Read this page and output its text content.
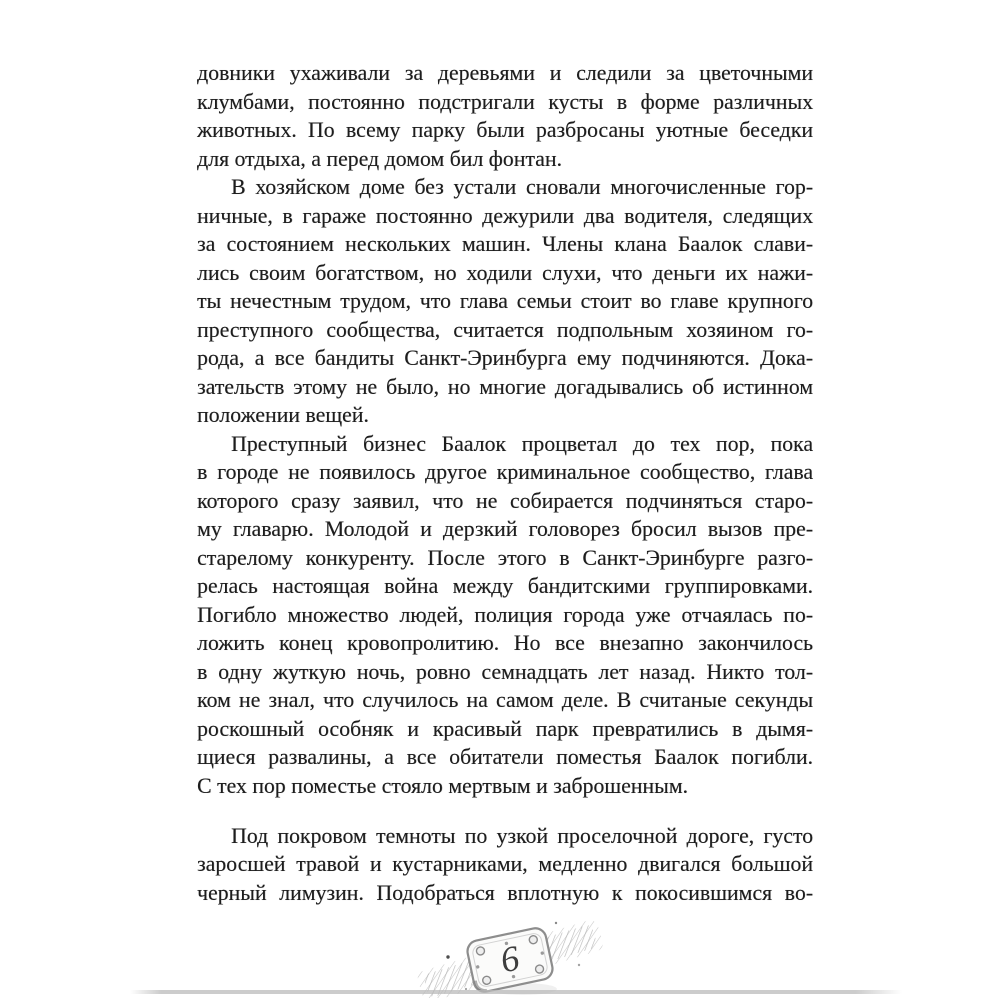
довники ухаживали за деревьями и следили за цветочными
клумбами, постоянно подстригали кусты в форме различных
животных. По всему парку были разбросаны уютные беседки
для отдыха, а перед домом бил фонтан.
В хозяйском доме без устали сновали многочисленные гор-
ничные, в гараже постоянно дежурили два водителя, следящих
за состоянием нескольких машин. Члены клана Баалок слави-
лись своим богатством, но ходили слухи, что деньги их нажи-
ты нечестным трудом, что глава семьи стоит во главе крупного
преступного сообщества, считается подпольным хозяином го-
рода, а все бандиты Санкт-Эринбурга ему подчиняются. Дока-
зательств этому не было, но многие догадывались об истинном
положении вещей.
Преступный бизнес Баалок процветал до тех пор, пока
в городе не появилось другое криминальное сообщество, глава
которого сразу заявил, что не собирается подчиняться старо-
му главарю. Молодой и дерзкий головорез бросил вызов пре-
старелому конкуренту. После этого в Санкт-Эринбурге разго-
релась настоящая война между бандитскими группировками.
Погибло множество людей, полиция города уже отчаялась по-
ложить конец кровопролитию. Но все внезапно закончилось
в одну жуткую ночь, ровно семнадцать лет назад. Никто тол-
ком не знал, что случилось на самом деле. В считаные секунды
роскошный особняк и красивый парк превратились в дымя-
щиеся развалины, а все обитатели поместья Баалок погибли.
С тех пор поместье стояло мертвым и заброшенным.
Под покровом темноты по узкой проселочной дороге, густо
заросшей травой и кустарниками, медленно двигался большой
черный лимузин. Подобраться вплотную к покосившимся во-
6
